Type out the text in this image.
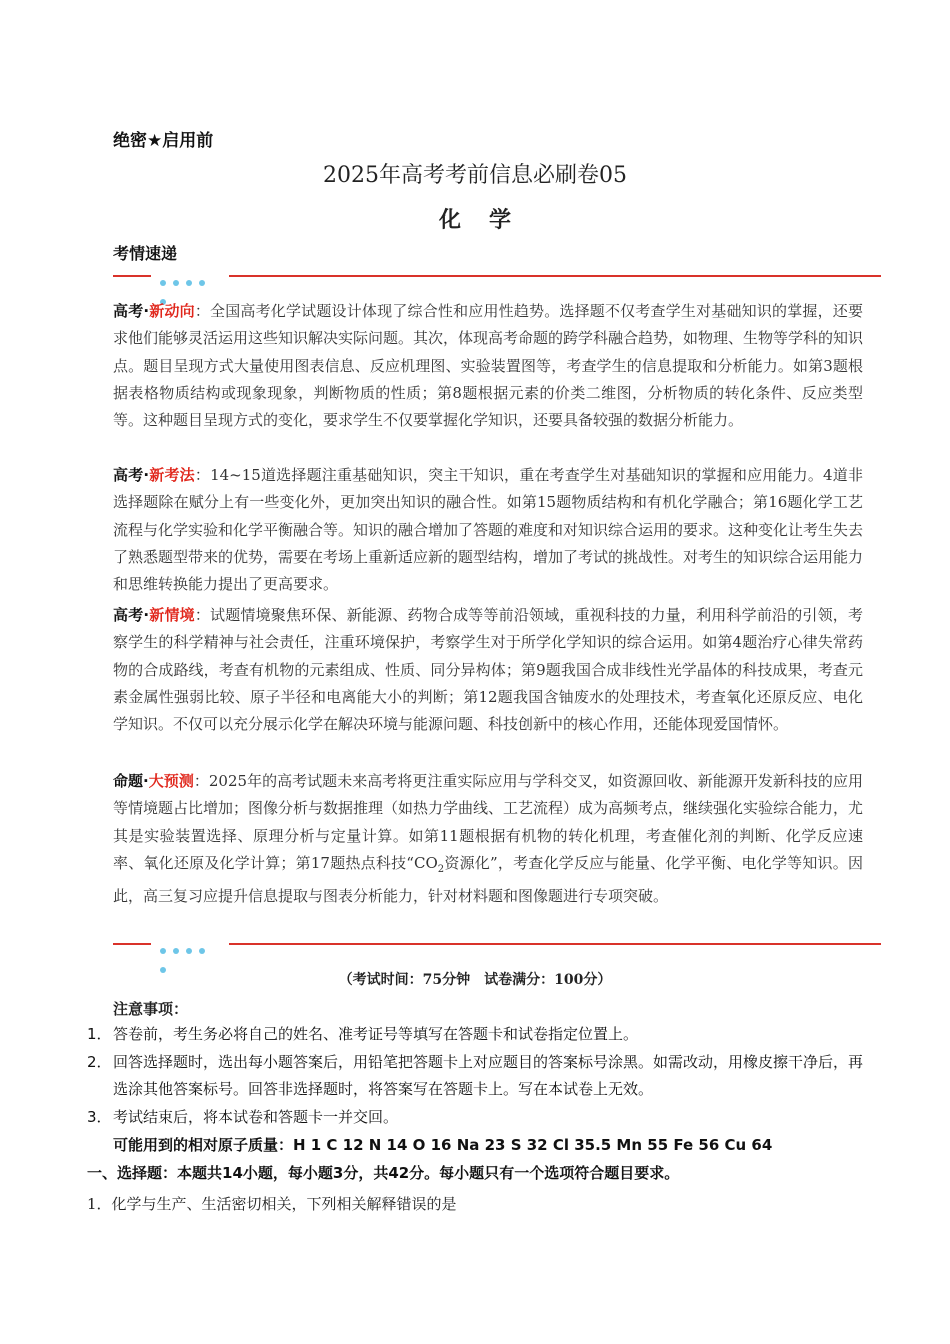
绝密★启用前
2025年高考考前信息必刷卷05
化学
考情速递
高考·新动向：全国高考化学试题设计体现了综合性和应用性趋势。选择题不仅考查学生对基础知识的掌握，还要求他们能够灵活运用这些知识解决实际问题。其次，体现高考命题的跨学科融合趋势，如物理、生物等学科的知识点。题目呈现方式大量使用图表信息、反应机理图、实验装置图等，考查学生的信息提取和分析能力。如第3题根据表格物质结构或现象现象，判断物质的性质；第8题根据元素的价类二维图，分析物质的转化条件、反应类型等。这种题目呈现方式的变化，要求学生不仅要掌握化学知识，还要具备较强的数据分析能力。
高考·新考法：14~15道选择题注重基础知识，突主干知识，重在考查学生对基础知识的掌握和应用能力。4道非选择题除在赋分上有一些变化外，更加突出知识的融合性。如第15题物质结构和有机化学融合；第16题化学工艺流程与化学实验和化学平衡融合等。知识的融合增加了答题的难度和对知识综合运用的要求。这种变化让考生失去了熟悉题型带来的优势，需要在考场上重新适应新的题型结构，增加了考试的挑战性。对考生的知识综合运用能力和思维转换能力提出了更高要求。
高考·新情境：试题情境聚焦环保、新能源、药物合成等等前沿领域，重视科技的力量，利用科学前沿的引领，考察学生的科学精神与社会责任，注重环境保护，考察学生对于所学化学知识的综合运用。如第4题治疗心律失常药物的合成路线，考查有机物的元素组成、性质、同分异构体；第9题我国合成非线性光学晶体的科技成果，考查元素金属性强弱比较、原子半径和电离能大小的判断；第12题我国含铀废水的处理技术，考查氧化还原反应、电化学知识。不仅可以充分展示化学在解决环境与能源问题、科技创新中的核心作用，还能体现爱国情怀。
命题·大预测：2025年的高考试题未来高考将更注重实际应用与学科交叉，如资源回收、新能源开发新科技的应用等情境题占比增加；图像分析与数据推理（如热力学曲线、工艺流程）成为高频考点，继续强化实验综合能力，尤其是实验装置选择、原理分析与定量计算。如第11题根据有机物的转化机理，考查催化剂的判断、化学反应速率、氧化还原及化学计算；第17题热点科技“$CO_2$资源化”，考查化学反应与能量、化学平衡、电化学等知识。因此，高三复习应提升信息提取与图表分析能力，针对材料题和图像题进行专项突破。
（考试时间：75分钟　试卷满分：100分）
注意事项：
1．答卷前，考生务必将自己的姓名、准考证号等填写在答题卡和试卷指定位置上。
2．回答选择题时，选出每小题答案后，用铅笔把答题卡上对应题目的答案标号涂黑。如需改动，用橡皮擦干净后，再选涂其他答案标号。回答非选择题时，将答案写在答题卡上。写在本试卷上无效。
3．考试结束后，将本试卷和答题卡一并交回。
可能用到的相对原子质量：H 1 C 12 N 14 O 16 Na 23 S 32 Cl 35.5 Mn 55 Fe 56 Cu 64
一、选择题：本题共14小题，每小题3分，共42分。每小题只有一个选项符合题目要求。
1．化学与生产、生活密切相关，下列相关解释错误的是
